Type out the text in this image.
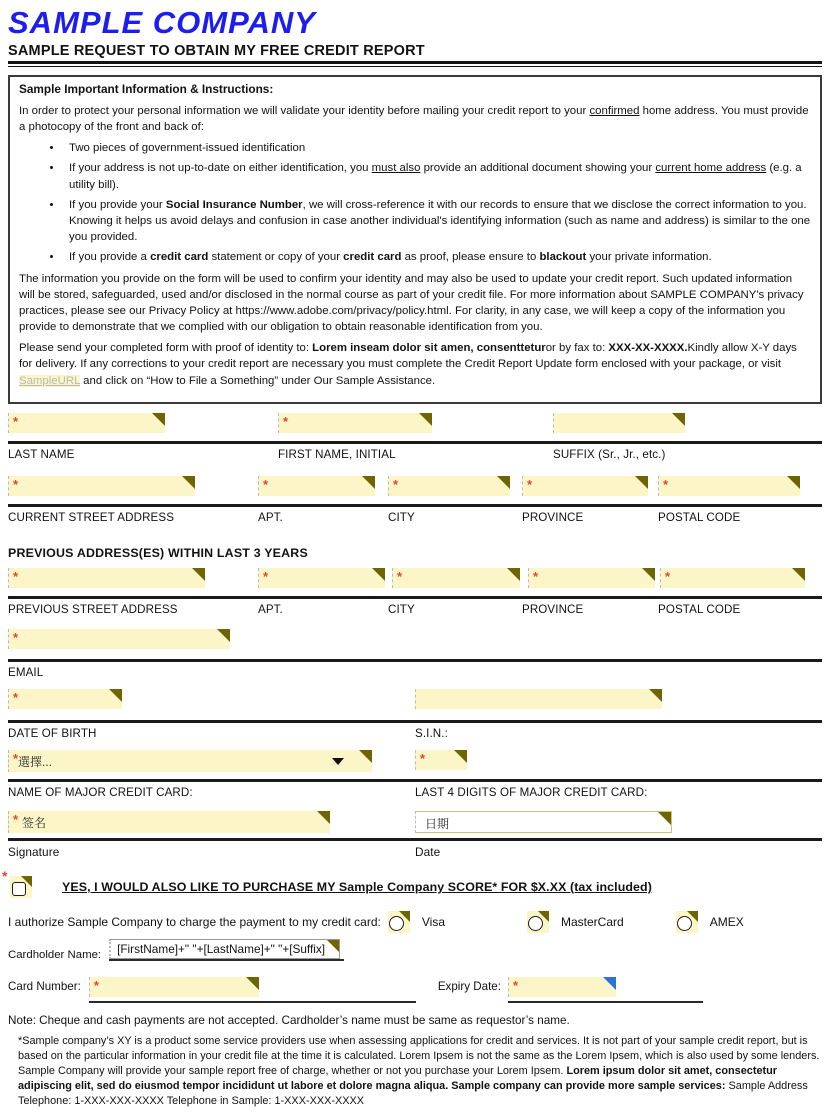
SAMPLE COMPANY
SAMPLE REQUEST TO OBTAIN MY FREE CREDIT REPORT
Sample Important Information & Instructions:

In order to protect your personal information we will validate your identity before mailing your credit report to your confirmed home address. You must provide a photocopy of the front and back of:

• Two pieces of government-issued identification
• If your address is not up-to-date on either identification, you must also provide an additional document showing your current home address (e.g. a utility bill).
• If you provide your Social Insurance Number, we will cross-reference it with our records to ensure that we disclose the correct information to you. Knowing it helps us avoid delays and confusion in case another individual's identifying information (such as name and address) is similar to the one you provided.
• If you provide a credit card statement or copy of your credit card as proof, please ensure to blackout your private information.

The information you provide on the form will be used to confirm your identity and may also be used to update your credit report. Such updated information will be stored, safeguarded, used and/or disclosed in the normal course as part of your credit file. For more information about SAMPLE COMPANY's privacy practices, please see our Privacy Policy at https://www.adobe.com/privacy/policy.html. For clarity, in any case, we will keep a copy of the information you provide to demonstrate that we complied with our obligation to obtain reasonable identification from you.

Please send your completed form with proof of identity to: Lorem inseam dolor sit amen, consentteturor by fax to: XXX-XX-XXXX.Kindly allow X-Y days for delivery. If any corrections to your credit report are necessary you must complete the Credit Report Update form enclosed with your package, or visit SampleURL and click on “How to File a Something” under Our Sample Assistance.

*	*
LAST NAME	FIRST NAME, INITIAL	SUFFIX (Sr., Jr., etc.)
*	*	*	*	*
CURRENT STREET ADDRESS	APT.	CITY	PROVINCE	POSTAL CODE
PREVIOUS ADDRESS(ES) WITHIN LAST 3 YEARS
*	*	*	*	*
PREVIOUS STREET ADDRESS	APT.	CITY	PROVINCE	POSTAL CODE
*
EMAIL
*
DATE OF BIRTH	S.I.N.:
* 選擇...	*
NAME OF MAJOR CREDIT CARD:	LAST 4 DIGITS OF MAJOR CREDIT CARD:
* 签名	日期
Signature	Date
*
YES, I WOULD ALSO LIKE TO PURCHASE MY Sample Company SCORE* FOR $X.XX (tax included)
I authorize Sample Company to charge the payment to my credit card:	Visa	MasterCard	AMEX
Cardholder Name:	[FirstName]+" "+[LastName]+" "+[Suffix]
Card Number: *	Expiry Date: *
Note: Cheque and cash payments are not accepted. Cardholder’s name must be same as requestor’s name.
*Sample company’s XY is a product some service providers use when assessing applications for credit and services. It is not part of your sample credit report, but is based on the particular information in your credit file at the time it is calculated. Lorem Ipsem is not the same as the Lorem Ipsem, which is also used by some lenders. Sample Company will provide your sample report free of charge, whether or not you purchase your Lorem Ipsem. Lorem ipsum dolor sit amet, consectetur adipiscing elit, sed do eiusmod tempor incididunt ut labore et dolore magna aliqua. Sample company can provide more sample services: Sample Address Telephone: 1-XXX-XXX-XXXX Telephone in Sample: 1-XXX-XXX-XXXX
